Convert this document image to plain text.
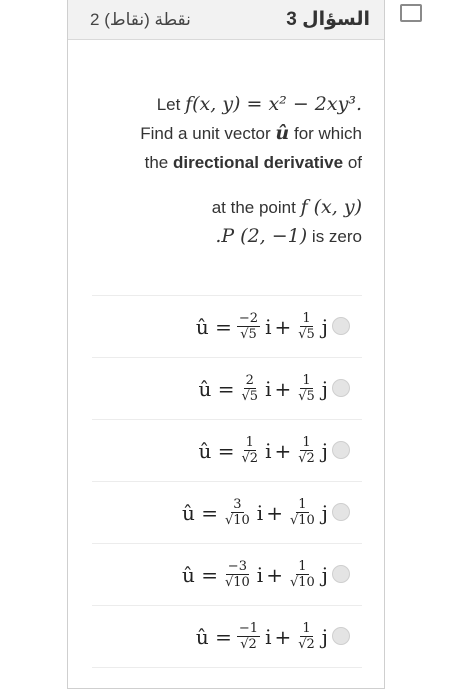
2 نقطة (نقاط)	السؤال 3
Let f(x, y) = x² − 2xy³.
Find a unit vector û for which
the directional derivative of
at the point f (x, y)
.P (2, −1) is zero
û = $\frac{-2}{√5}$ $i + \frac{1}{√5}$ j
û = $\frac{2}{√5}$ $i + \frac{1}{√5}$ j
û = $\frac{1}{√2}$ $i + \frac{1}{√2}$ j
û = $\frac{3}{√10}$ $i + \frac{1}{√10}$ j
û = $\frac{-3}{√10}$ $i + \frac{1}{√10}$ j
û = $\frac{-1}{√2}$ $i + \frac{1}{√2}$ j
